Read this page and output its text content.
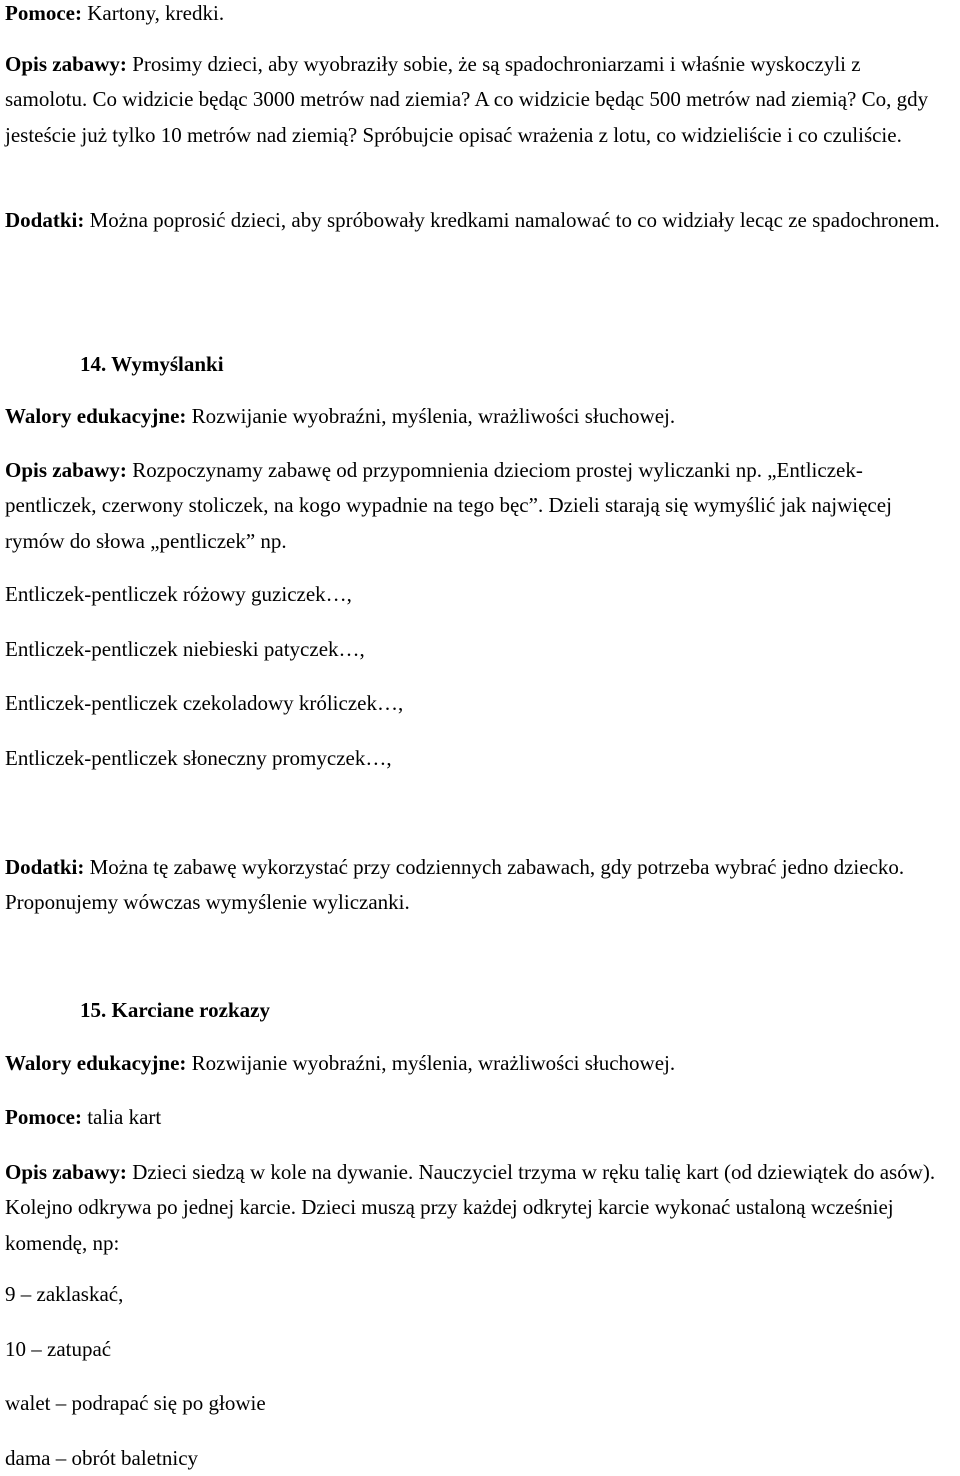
Pomoce: Kartony, kredki.

Opis zabawy: Prosimy dzieci, aby wyobraziły sobie, że są spadochroniarzami i właśnie wyskoczyli z samolotu. Co widzicie będąc 3000 metrów nad ziemia? A co widzicie będąc 500 metrów nad ziemią? Co, gdy jesteście już tylko 10 metrów nad ziemią? Spróbujcie opisać wrażenia z lotu, co widzieliście i co czuliście.

Dodatki: Można poprosić dzieci, aby spróbowały kredkami namalować to co widziały lecąc ze spadochronem.

14. Wymyślanki

Walory edukacyjne: Rozwijanie wyobraźni, myślenia, wrażliwości słuchowej.

Opis zabawy: Rozpoczynamy zabawę od przypomnienia dzieciom prostej wyliczanki np. „Entliczek-pentliczek, czerwony stoliczek, na kogo wypadnie na tego bęc”. Dzieli starają się wymyślić jak najwięcej rymów do słowa „pentliczek” np.

Entliczek-pentliczek różowy guziczek…,

Entliczek-pentliczek niebieski patyczek…,

Entliczek-pentliczek czekoladowy króliczek…,

Entliczek-pentliczek słoneczny promyczek…,

Dodatki: Można tę zabawę wykorzystać przy codziennych zabawach, gdy potrzeba wybrać jedno dziecko. Proponujemy wówczas wymyślenie wyliczanki.

15. Karciane rozkazy

Walory edukacyjne: Rozwijanie wyobraźni, myślenia, wrażliwości słuchowej.

Pomoce: talia kart

Opis zabawy: Dzieci siedzą w kole na dywanie. Nauczyciel trzyma w ręku talię kart (od dziewiątek do asów). Kolejno odkrywa po jednej karcie. Dzieci muszą przy każdej odkrytej karcie wykonać ustaloną wcześniej komendę, np:

9 – zaklaskać,

10 – zatupać

walet – podrapać się po głowie

dama – obrót baletnicy
